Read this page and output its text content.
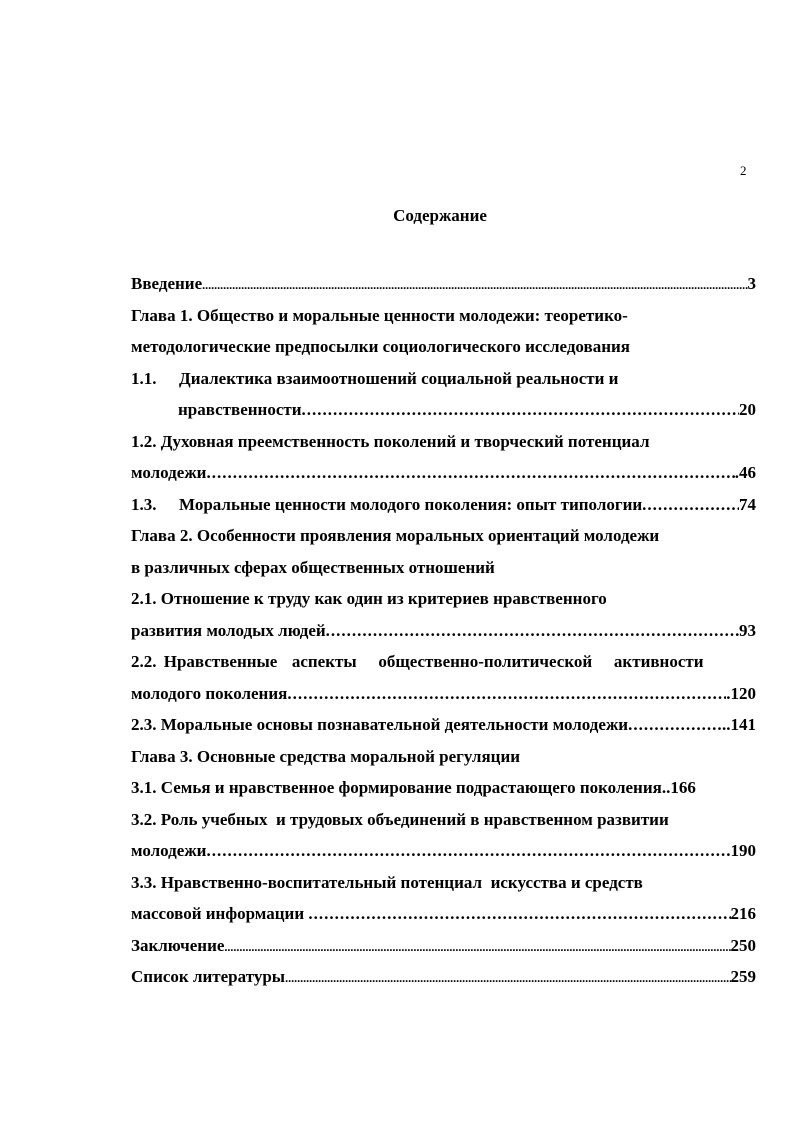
2
Содержание
Введение .....	3
Глава 1. Общество и моральные ценности молодежи: теоретико-
методологические предпосылки социологического исследования
1.1.	Диалектика взаимоотношений социальной реальности и
нравственности .....	20
1.2. Духовная преемственность поколений и творческий потенциал
молодежи .....	.46
1.3.	Моральные ценности молодого поколения: опыт типологии .....	74
Глава 2. Особенности проявления моральных ориентаций молодежи
в различных сферах общественных отношений
2.1. Отношение к труду как один из критериев нравственного
развития молодых людей .....	93
2.2. Нравственные  аспекты   общественно-политической   активности
молодого поколения .....	.120
2.3. Моральные основы познавательной деятельности молодежи .....	..141
Глава 3. Основные средства моральной регуляции
3.1. Семья и нравственное формирование подрастающего поколения ..166
3.2. Роль учебных  и трудовых объединений в нравственном развитии
молодежи .....	190
3.3. Нравственно-воспитательный потенциал  искусства и средств
массовой информации .....	216
Заключение .....	250
Список литературы .....	259
